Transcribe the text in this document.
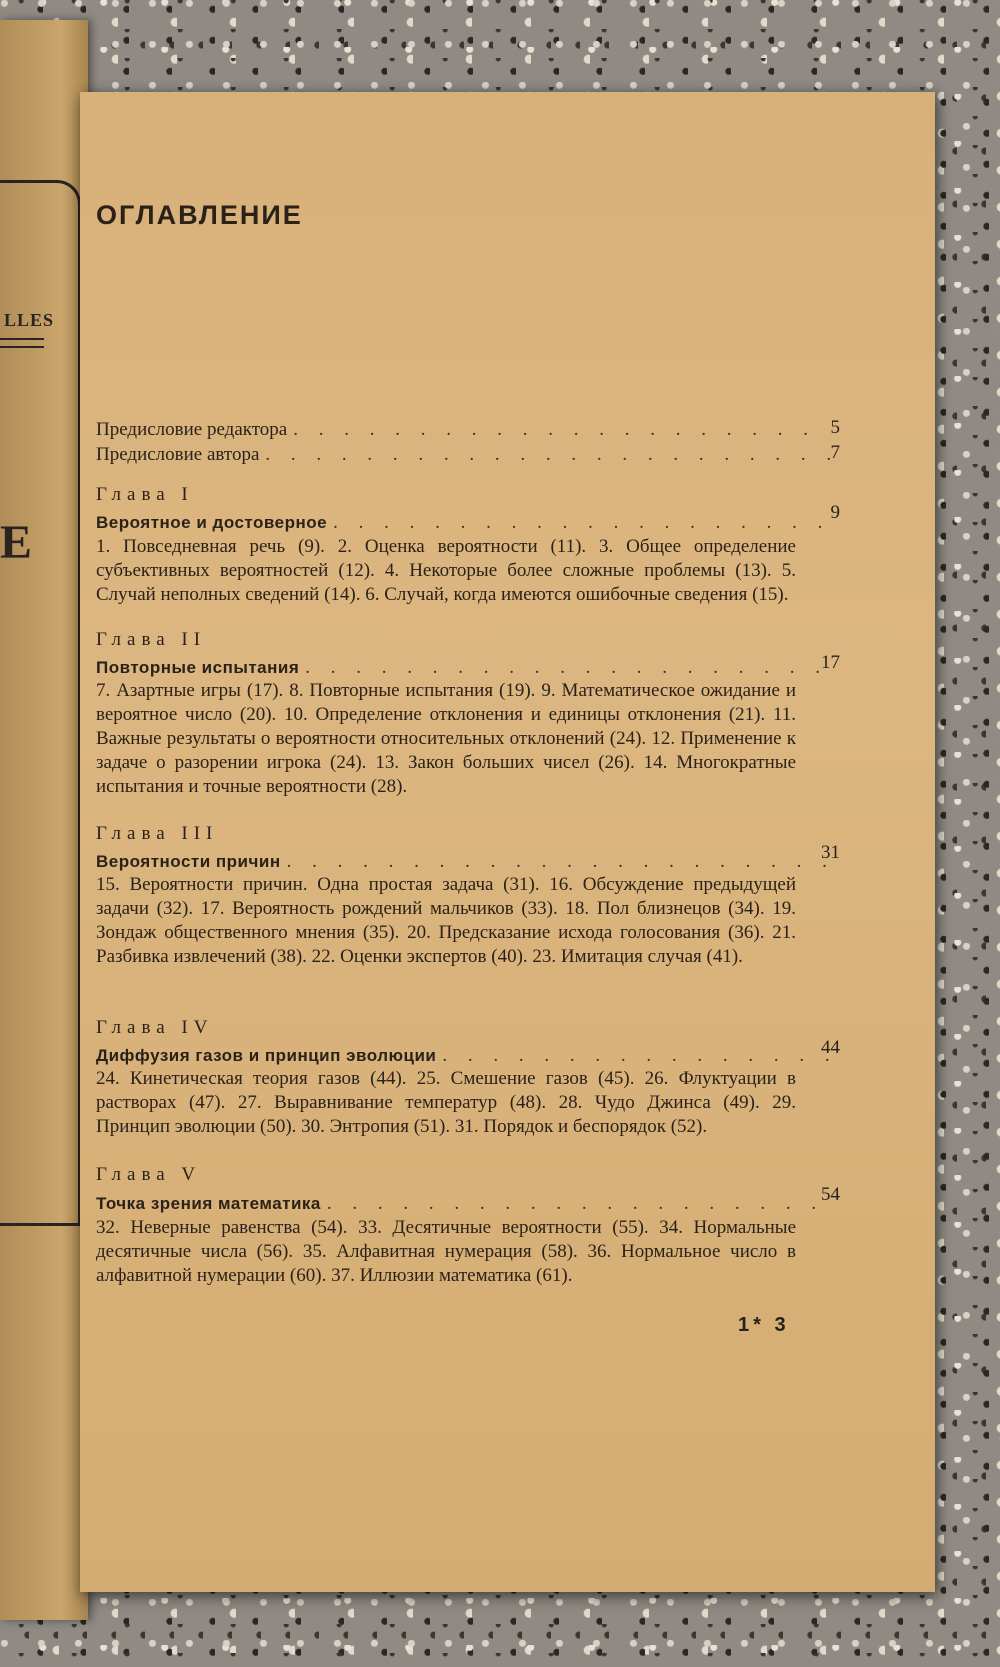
LLES
Е
ОГЛАВЛЕНИЕ
Предисловие редактора . . .	5
Предисловие автора . . .	7
Глава I
Вероятное и достоверное . . .	9

1. Повседневная речь (9). 2. Оценка вероятности (11). 3. Общее определение субъективных вероятностей (12). 4. Некоторые более сложные проблемы (13). 5. Случай неполных сведений (14). 6. Случай, когда имеются ошибочные сведения (15).

Глава II
Повторные испытания . . .	17

7. Азартные игры (17). 8. Повторные испытания (19). 9. Математическое ожидание и вероятное число (20). 10. Определение отклонения и единицы отклонения (21). 11. Важные результаты о вероятности относительных отклонений (24). 12. Применение к задаче о разорении игрока (24). 13. Закон больших чисел (26). 14. Многократные испытания и точные вероятности (28).

Глава III
Вероятности причин . . .	31

15. Вероятности причин. Одна простая задача (31). 16. Обсуждение предыдущей задачи (32). 17. Вероятность рождений мальчиков (33). 18. Пол близнецов (34). 19. Зондаж общественного мнения (35). 20. Предсказание исхода голосования (36). 21. Разбивка извлечений (38). 22. Оценки экспертов (40). 23. Имитация случая (41).

Глава IV
Диффузия газов и принцип эволюции . . .	44

24. Кинетическая теория газов (44). 25. Смешение газов (45). 26. Флуктуации в растворах (47). 27. Выравнивание температур (48). 28. Чудо Джинса (49). 29. Принцип эволюции (50). 30. Энтропия (51). 31. Порядок и беспорядок (52).

Глава V
Точка зрения математика . . .	54

32. Неверные равенства (54). 33. Десятичные вероятности (55). 34. Нормальные десятичные числа (56). 35. Алфавитная нумерация (58). 36. Нормальное число в алфавитной нумерации (60). 37. Иллюзии математика (61).

1* 3
